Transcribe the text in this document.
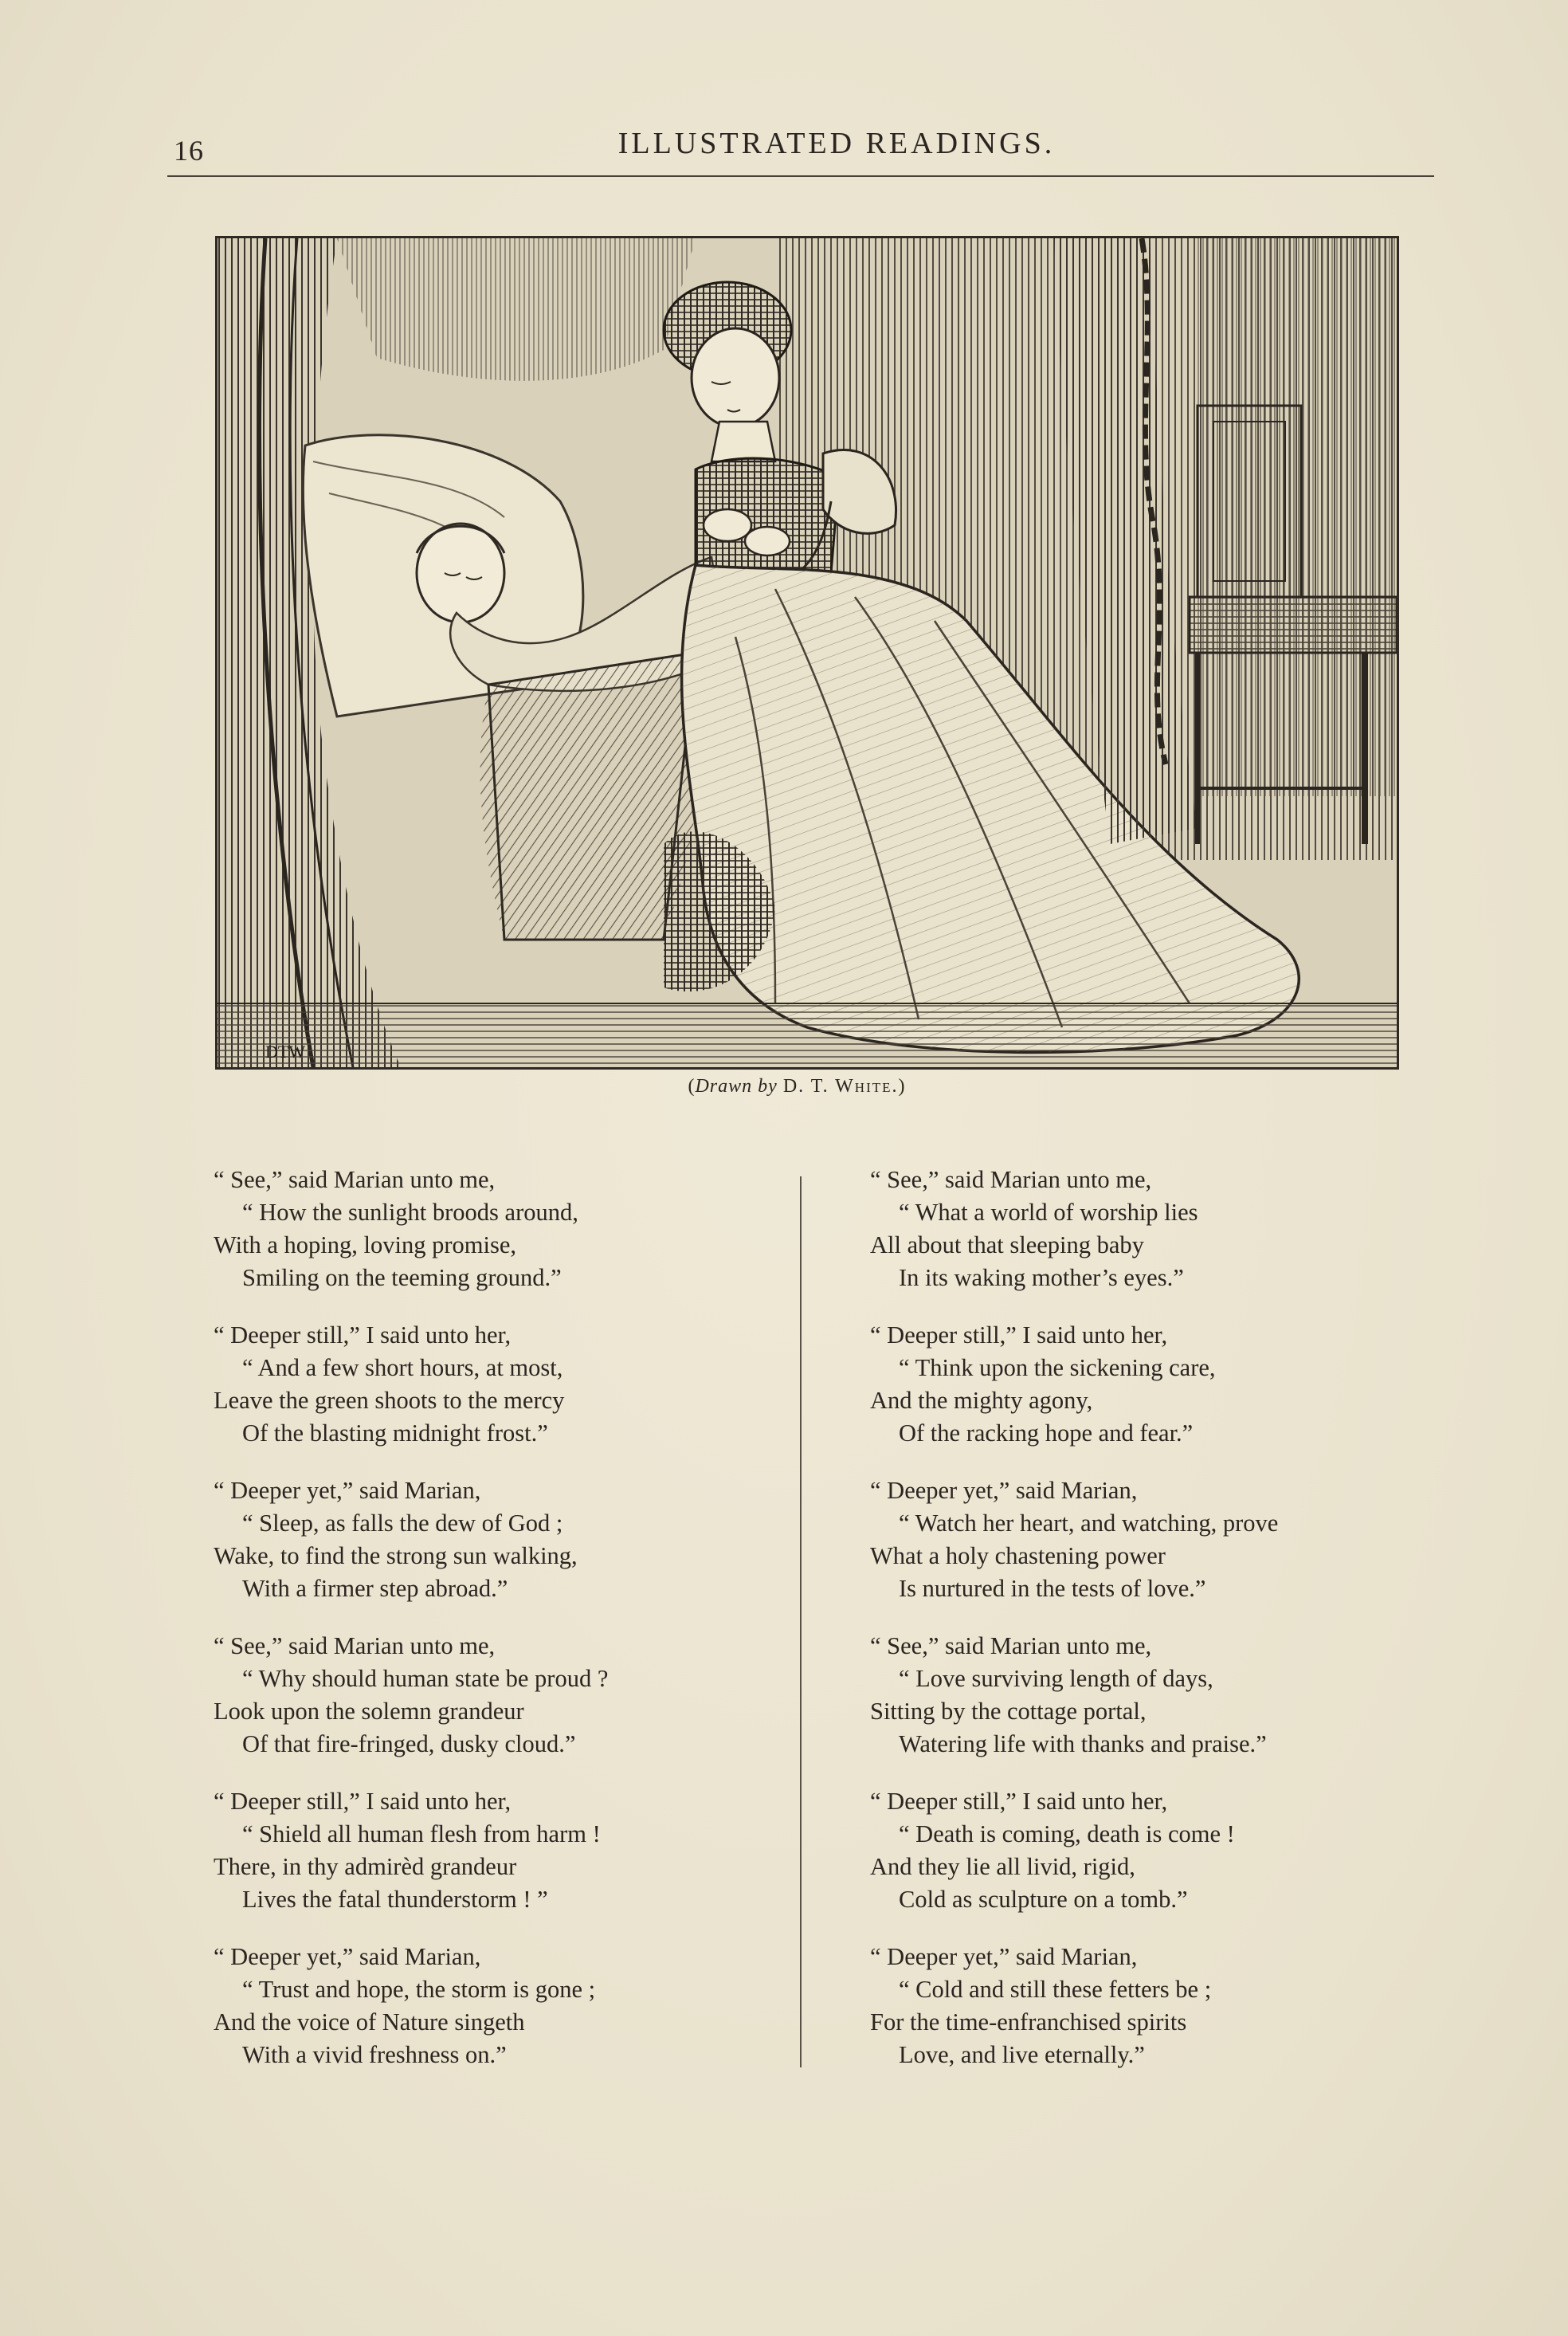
16	ILLUSTRATED READINGS.
DTW
(Drawn by D. T. White.)
“ See,” said Marian unto me,
“ How the sunlight broods around,
With a hoping, loving promise,
Smiling on the teeming ground.”
“ Deeper still,” I said unto her,
“ And a few short hours, at most,
Leave the green shoots to the mercy
Of the blasting midnight frost.”
“ Deeper yet,” said Marian,
“ Sleep, as falls the dew of God ;
Wake, to find the strong sun walking,
With a firmer step abroad.”
“ See,” said Marian unto me,
“ Why should human state be proud ?
Look upon the solemn grandeur
Of that fire-fringed, dusky cloud.”
“ Deeper still,” I said unto her,
“ Shield all human flesh from harm !
There, in thy admirèd grandeur
Lives the fatal thunderstorm ! ”
“ Deeper yet,” said Marian,
“ Trust and hope, the storm is gone ;
And the voice of Nature singeth
With a vivid freshness on.”
“ See,” said Marian unto me,
“ What a world of worship lies
All about that sleeping baby
In its waking mother’s eyes.”
“ Deeper still,” I said unto her,
“ Think upon the sickening care,
And the mighty agony,
Of the racking hope and fear.”
“ Deeper yet,” said Marian,
“ Watch her heart, and watching, prove
What a holy chastening power
Is nurtured in the tests of love.”
“ See,” said Marian unto me,
“ Love surviving length of days,
Sitting by the cottage portal,
Watering life with thanks and praise.”
“ Deeper still,” I said unto her,
“ Death is coming, death is come !
And they lie all livid, rigid,
Cold as sculpture on a tomb.”
“ Deeper yet,” said Marian,
“ Cold and still these fetters be ;
For the time-enfranchised spirits
Love, and live eternally.”
